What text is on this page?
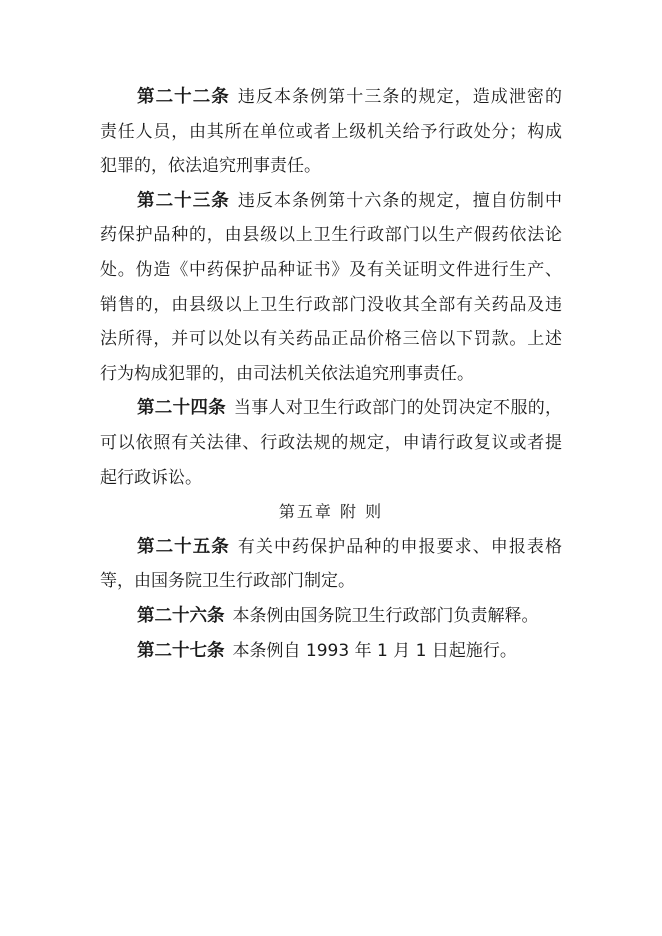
第二十二条 违反本条例第十三条的规定，造成泄密的
责任人员，由其所在单位或者上级机关给予行政处分；构成
犯罪的，依法追究刑事责任。
第二十三条 违反本条例第十六条的规定，擅自仿制中
药保护品种的，由县级以上卫生行政部门以生产假药依法论
处。伪造《中药保护品种证书》及有关证明文件进行生产、
销售的，由县级以上卫生行政部门没收其全部有关药品及违
法所得，并可以处以有关药品正品价格三倍以下罚款。上述
行为构成犯罪的，由司法机关依法追究刑事责任。
第二十四条 当事人对卫生行政部门的处罚决定不服的，
可以依照有关法律、行政法规的规定，申请行政复议或者提
起行政诉讼。
第五章 附 则
第二十五条 有关中药保护品种的申报要求、申报表格
等，由国务院卫生行政部门制定。
第二十六条 本条例由国务院卫生行政部门负责解释。
第二十七条 本条例自 1993 年 1 月 1 日起施行。
